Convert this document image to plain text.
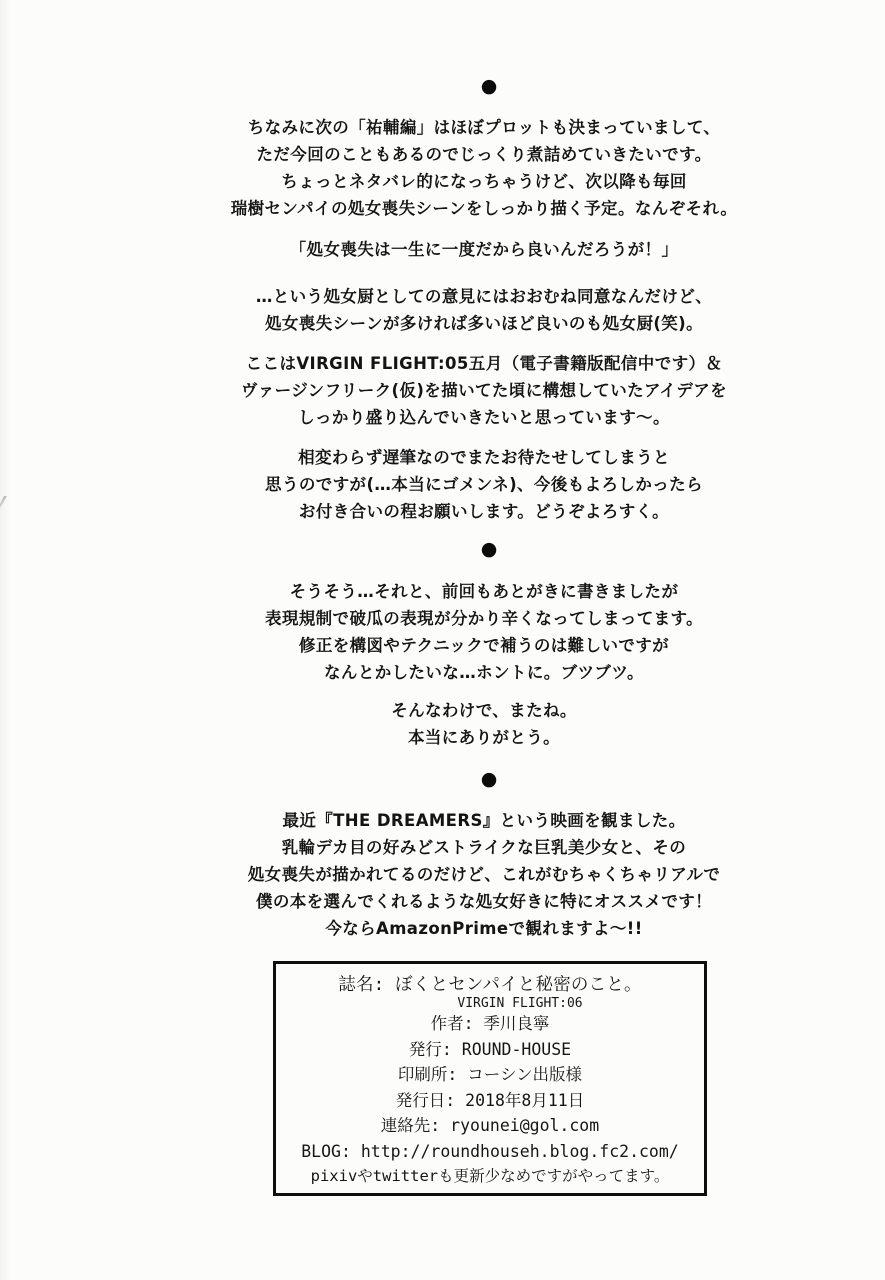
●
ちなみに次の「祐輔編」はほぼプロットも決まっていまして、
ただ今回のこともあるのでじっくり煮詰めていきたいです。
ちょっとネタバレ的になっちゃうけど、次以降も毎回
瑞樹センパイの処女喪失シーンをしっかり描く予定。なんぞそれ。
「処女喪失は一生に一度だから良いんだろうが！」
…という処女厨としての意見にはおおむね同意なんだけど、
処女喪失シーンが多ければ多いほど良いのも処女厨(笑)。
ここはVIRGIN FLIGHT:05五月（電子書籍版配信中です）＆
ヴァージンフリーク(仮)を描いてた頃に構想していたアイデアを
しっかり盛り込んでいきたいと思っています～。
相変わらず遅筆なのでまたお待たせしてしまうと
思うのですが(…本当にゴメンネ)、今後もよろしかったら
お付き合いの程お願いします。どうぞよろすく。
●
そうそう…それと、前回もあとがきに書きましたが
表現規制で破瓜の表現が分かり辛くなってしまってます。
修正を構図やテクニックで補うのは難しいですが
なんとかしたいな…ホントに。ブツブツ。
そんなわけで、またね。
本当にありがとう。
●
最近『THE DREAMERS』という映画を観ました。
乳輪デカ目の好みどストライクな巨乳美少女と、その
処女喪失が描かれてるのだけど、これがむちゃくちゃリアルで
僕の本を選んでくれるような処女好きに特にオススメです！
今ならAmazonPrimeで観れますよ～!!
誌名: ぼくとセンパイと秘密のこと。
VIRGIN FLIGHT:06
作者: 季川良寧
発行: ROUND-HOUSE
印刷所: コーシン出版様
発行日: 2018年8月11日
連絡先: ryounei@gol.com
BLOG: http://roundhouseh.blog.fc2.com/
pixivやtwitterも更新少なめですがやってます。
